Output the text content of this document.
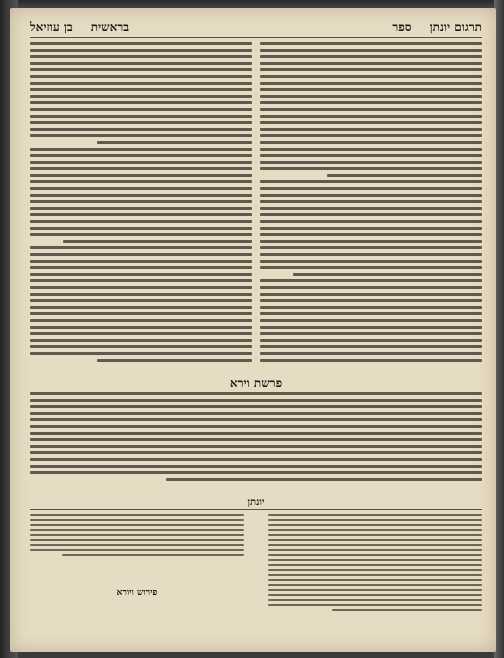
תרגום יונתן
ספר
בראשית
בן עוזיאל
פרשת וירא
יונתן
פירוש ויורא
